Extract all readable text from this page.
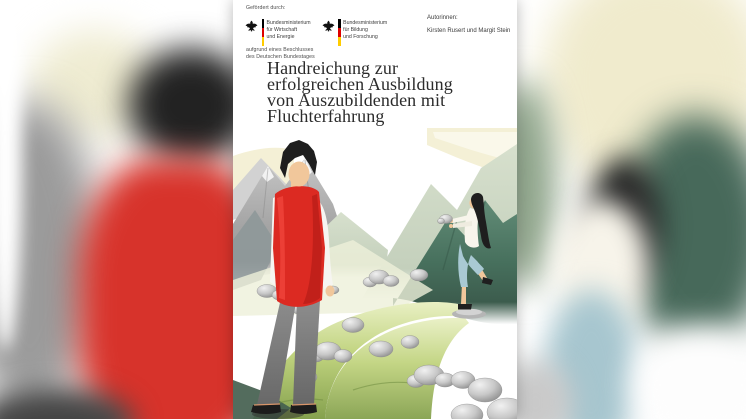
Gefördert durch:
Bundesministerium
für Wirtschaft
und Energie
Bundesministerium
für Bildung
und Forschung
aufgrund eines Beschlusses
des Deutschen Bundestages
Autorinnen:
Kirsten Rusert und Margit Stein
Handreichung zur
erfolgreichen Ausbildung
von Auszubildenden mit
Fluchterfahrung
